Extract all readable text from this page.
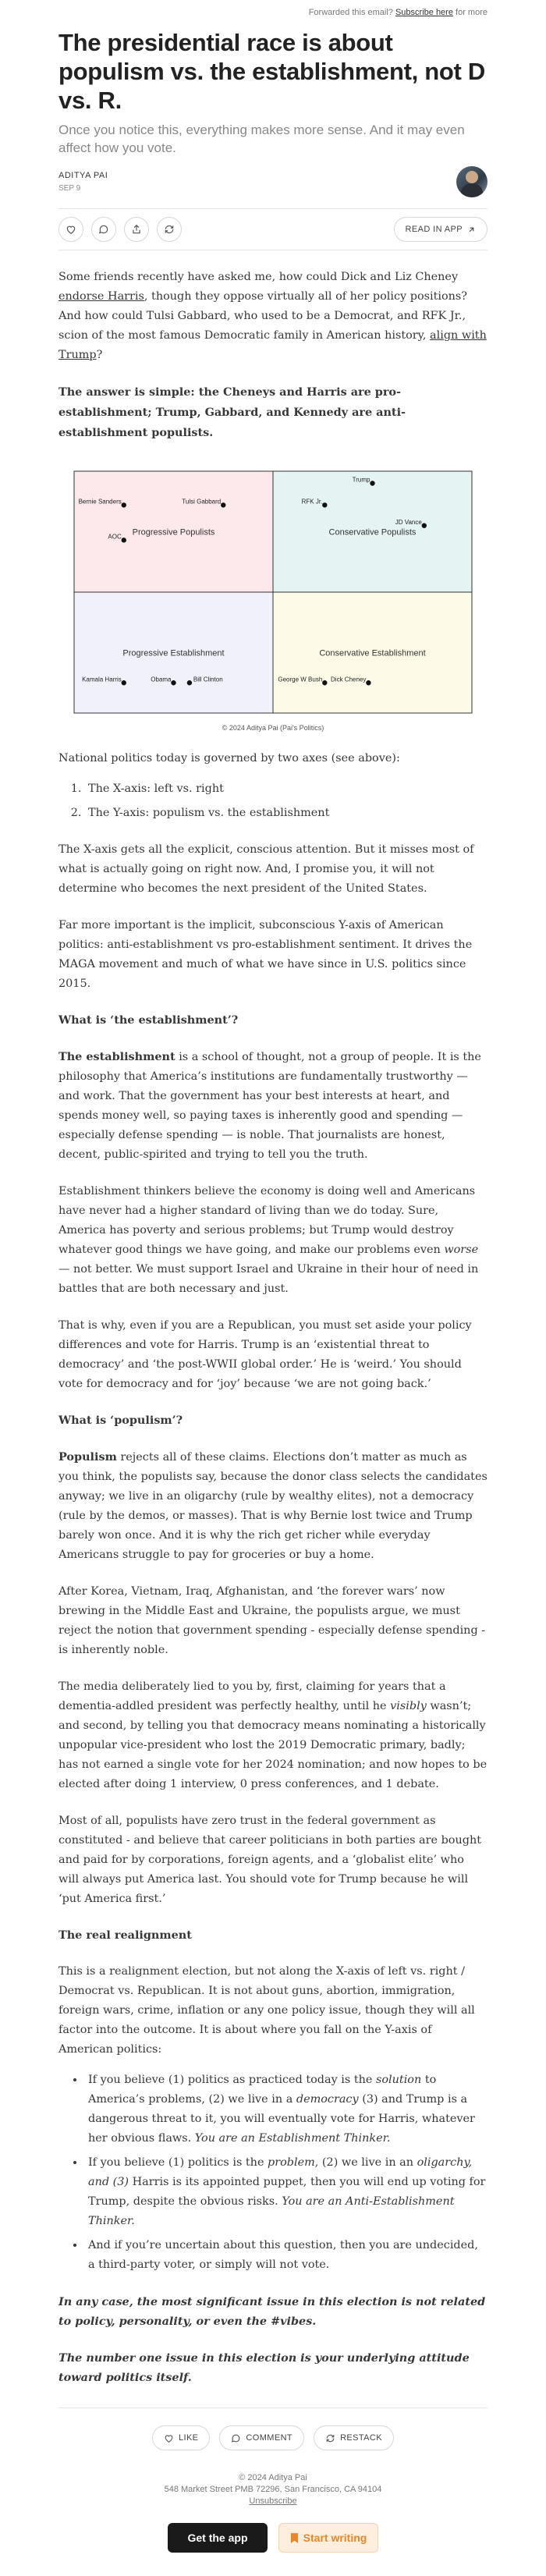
Forwarded this email? Subscribe here for more
The presidential race is about populism vs. the establishment, not D vs. R.
Once you notice this, everything makes more sense. And it may even affect how you vote.
ADITYA PAI
SEP 9
READ IN APP

Some friends recently have asked me, how could Dick and Liz Cheney endorse Harris, though they oppose virtually all of her policy positions? And how could Tulsi Gabbard, who used to be a Democrat, and RFK Jr., scion of the most famous Democratic family in American history, align with Trump?

The answer is simple: the Cheneys and Harris are pro-establishment; Trump, Gabbard, and Kennedy are anti-establishment populists.

Progressive Populists	Conservative Populists
Progressive Establishment	Conservative Establishment
Bernie Sanders	Tulsi Gabbard
AOC
Trump
RFK Jr.
JD Vance
Kamala Harris	Obama	Bill Clinton	George W Bush Dick Cheney
© 2024 Aditya Pai (Pai's Politics)

National politics today is governed by two axes (see above):

1. The X-axis: left vs. right
2. The Y-axis: populism vs. the establishment

The X-axis gets all the explicit, conscious attention. But it misses most of what is actually going on right now. And, I promise you, it will not determine who becomes the next president of the United States.

Far more important is the implicit, subconscious Y-axis of American politics: anti-establishment vs pro-establishment sentiment. It drives the MAGA movement and much of what we have since in U.S. politics since 2015.

What is ‘the establishment’?

The establishment is a school of thought, not a group of people. It is the philosophy that America’s institutions are fundamentally trustworthy — and work. That the government has your best interests at heart, and spends money well, so paying taxes is inherently good and spending — especially defense spending — is noble. That journalists are honest, decent, public-spirited and trying to tell you the truth.

Establishment thinkers believe the economy is doing well and Americans have never had a higher standard of living than we do today. Sure, America has poverty and serious problems; but Trump would destroy whatever good things we have going, and make our problems even worse — not better. We must support Israel and Ukraine in their hour of need in battles that are both necessary and just.

That is why, even if you are a Republican, you must set aside your policy differences and vote for Harris. Trump is an ‘existential threat to democracy’ and ‘the post-WWII global order.’ He is ‘weird.’ You should vote for democracy and for ‘joy’ because ‘we are not going back.’

What is ‘populism’?

Populism rejects all of these claims. Elections don’t matter as much as you think, the populists say, because the donor class selects the candidates anyway; we live in an oligarchy (rule by wealthy elites), not a democracy (rule by the demos, or masses). That is why Bernie lost twice and Trump barely won once. And it is why the rich get richer while everyday Americans struggle to pay for groceries or buy a home.

After Korea, Vietnam, Iraq, Afghanistan, and ‘the forever wars’ now brewing in the Middle East and Ukraine, the populists argue, we must reject the notion that government spending - especially defense spending - is inherently noble.

The media deliberately lied to you by, first, claiming for years that a dementia-addled president was perfectly healthy, until he visibly wasn’t; and second, by telling you that democracy means nominating a historically unpopular vice-president who lost the 2019 Democratic primary, badly; has not earned a single vote for her 2024 nomination; and now hopes to be elected after doing 1 interview, 0 press conferences, and 1 debate.

Most of all, populists have zero trust in the federal government as constituted - and believe that career politicians in both parties are bought and paid for by corporations, foreign agents, and a ‘globalist elite’ who will always put America last. You should vote for Trump because he will ‘put America first.’

The real realignment

This is a realignment election, but not along the X-axis of left vs. right / Democrat vs. Republican. It is not about guns, abortion, immigration, foreign wars, crime, inflation or any one policy issue, though they will all factor into the outcome. It is about where you fall on the Y-axis of American politics:

• If you believe (1) politics as practiced today is the solution to America’s problems, (2) we live in a democracy (3) and Trump is a dangerous threat to it, you will eventually vote for Harris, whatever her obvious flaws. You are an Establishment Thinker.
• If you believe (1) politics is the problem, (2) we live in an oligarchy, and (3) Harris is its appointed puppet, then you will end up voting for Trump, despite the obvious risks. You are an Anti-Establishment Thinker.
• And if you’re uncertain about this question, then you are undecided, a third-party voter, or simply will not vote.

In any case, the most significant issue in this election is not related to policy, personality, or even the #vibes.

The number one issue in this election is your underlying attitude toward politics itself.

LIKE	COMMENT	RESTACK
© 2024 Aditya Pai
548 Market Street PMB 72296, San Francisco, CA 94104
Unsubscribe
Get the app	Start writing
